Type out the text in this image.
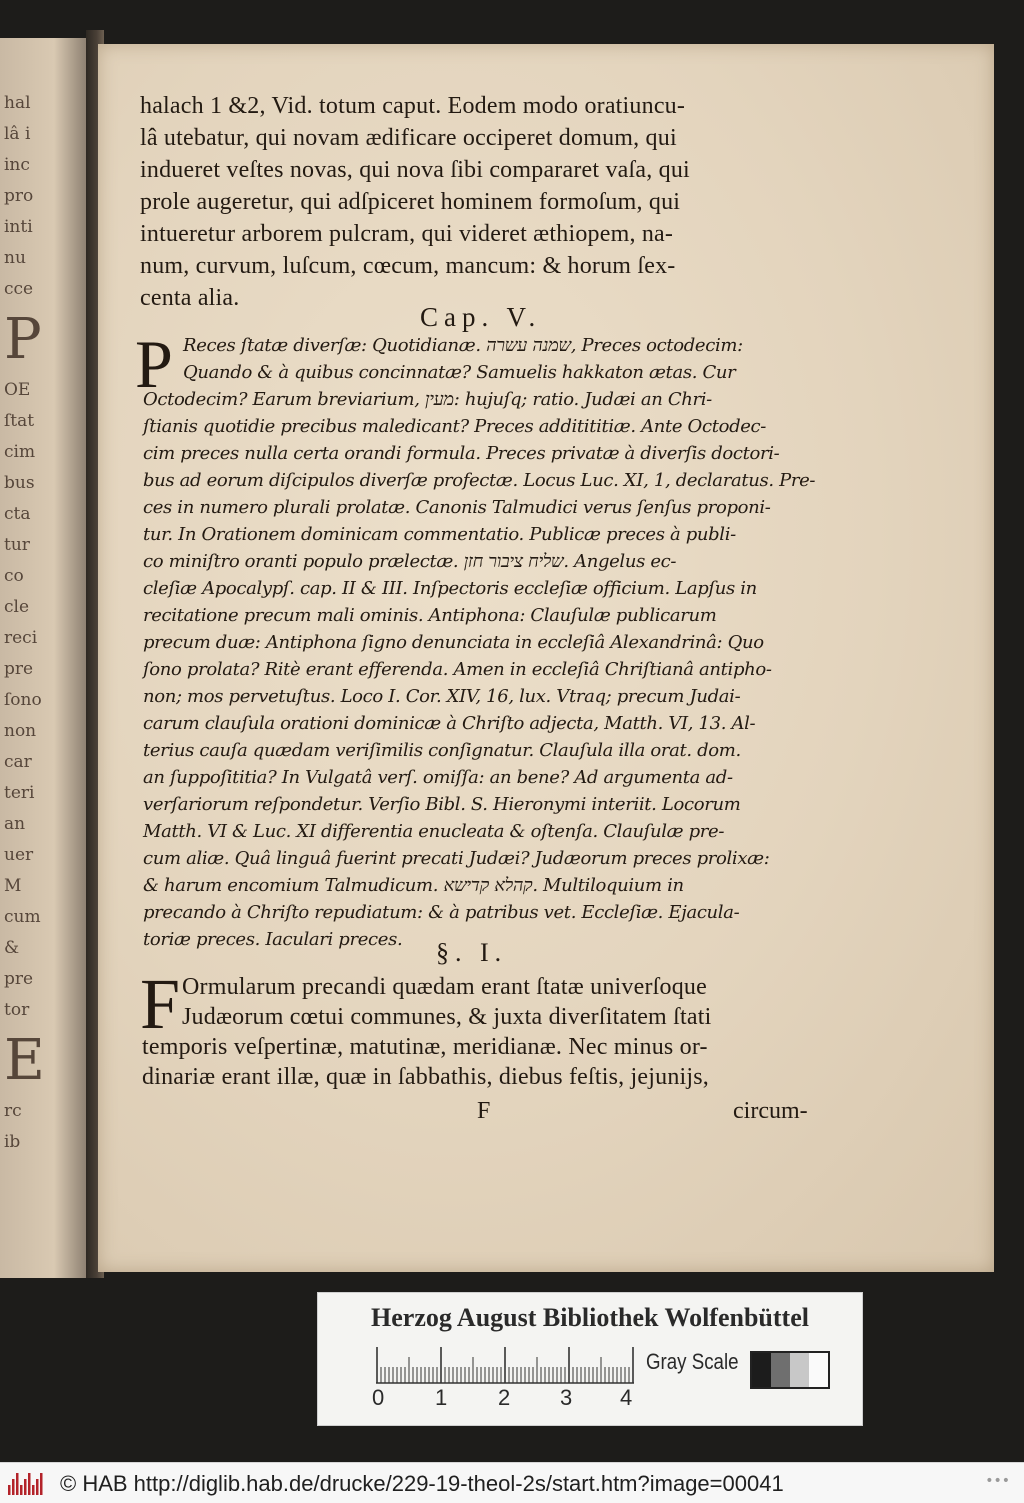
hal
lâ i
inc
pro
inti
nu
cce
P
OE
ſtat
cim
bus
cta
tur
co
cle
reci
pre
ſono
non
car
teri
an
uer
M
cum
&
pre
tor
E
rc
ib
halach 1 &2, Vid. totum caput. Eodem modo oratiuncu-
lâ utebatur, qui novam ædificare occiperet domum, qui
indueret veſtes novas, qui nova ſibi compararet vaſa, qui
prole augeretur, qui adſpiceret hominem formoſum, qui
intueretur arborem pulcram, qui videret æthiopem, na-
num, curvum, luſcum, cœcum, mancum: & horum ſex-
centa alia.
Cap. V.
P Reces ſtatæ diverſæ: Quotidianæ. שמנה עשרה, Preces octodecim:
Quando & à quibus concinnatæ? Samuelis hakkaton ætas. Cur
Octodecim? Earum breviarium, מעין: hujuſq; ratio. Judæi an Chri-
ſtianis quotidie precibus maledicant? Preces additititiæ. Ante Octodec-
cim preces nulla certa orandi formula. Preces privatæ à diverſis doctori-
bus ad eorum diſcipulos diverſæ profectæ. Locus Luc. XI, 1, declaratus. Pre-
ces in numero plurali prolatæ. Canonis Talmudici verus ſenſus proponi-
tur. In Orationem dominicam commentatio. Publicæ preces à publi-
co miniſtro oranti populo prælectæ. שליח ציבור חזן. Angelus ec-
cleſiæ Apocalypſ. cap. II & III. Inſpectoris eccleſiæ officium. Lapſus in
recitatione precum mali ominis. Antiphona: Clauſulæ publicarum
precum duæ: Antiphona ſigno denunciata in eccleſiâ Alexandrinâ: Quo
ſono prolata? Ritè erant efferenda. Amen in eccleſiâ Chriſtianâ antipho-
non; mos pervetuſtus. Loco I. Cor. XIV, 16, lux. Vtraq; precum Judai-
carum clauſula orationi dominicæ à Chriſto adjecta, Matth. VI, 13. Al-
terius cauſa quædam veriſimilis conſignatur. Clauſula illa orat. dom.
an ſuppoſititia? In Vulgatâ verſ. omiſſa: an bene? Ad argumenta ad-
verſariorum reſpondetur. Verſio Bibl. S. Hieronymi interiit. Locorum
Matth. VI & Luc. XI differentia enucleata & oſtenſa. Clauſulæ pre-
cum aliæ. Quâ linguâ fuerint precati Judæi? Judæorum preces prolixæ:
& harum encomium Talmudicum. קהלא קדישא. Multiloquium in
precando à Chriſto repudiatum: & à patribus vet. Eccleſiæ. Ejacula-
toriæ preces. Iaculari preces.	§. I.
F Ormularum precandi quædam erant ſtatæ univerſoque
Judæorum cœtui communes, & juxta diverſitatem ſtati
temporis veſpertinæ, matutinæ, meridianæ. Nec minus or-
dinariæ erant illæ, quæ in ſabbathis, diebus feſtis, jejunijs,
F	circum-
Herzog August Bibliothek Wolfenbüttel
0 1 2 3 4
Gray Scale
© HAB http://diglib.hab.de/drucke/229-19-theol-2s/start.htm?image=00041	•••
